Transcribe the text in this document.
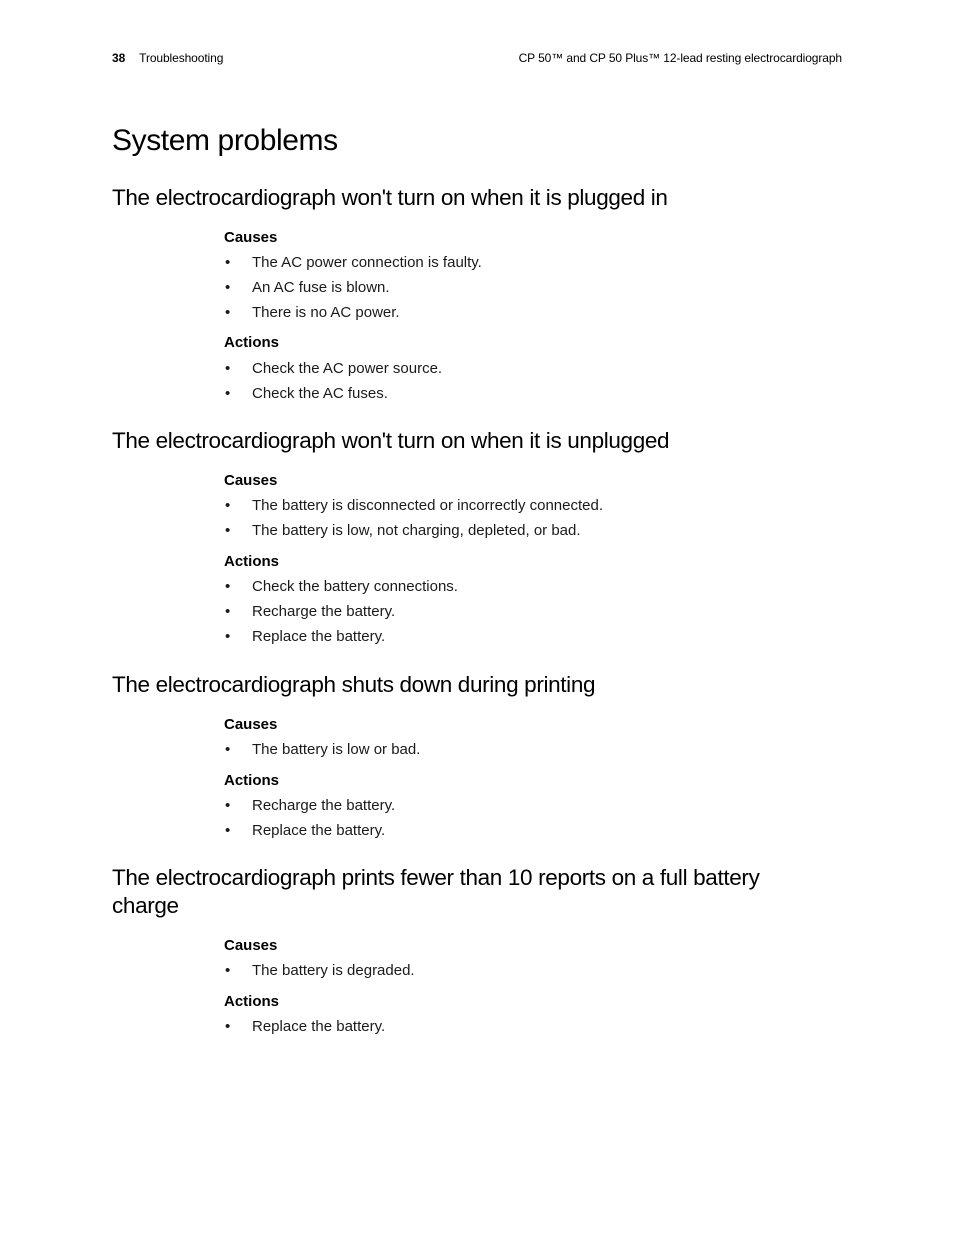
38 Troubleshooting	CP 50™ and CP 50 Plus™ 12-lead resting electrocardiograph
System problems
The electrocardiograph won't turn on when it is plugged in
Causes
•	The AC power connection is faulty.
•	An AC fuse is blown.
•	There is no AC power.
Actions
•	Check the AC power source.
•	Check the AC fuses.
The electrocardiograph won't turn on when it is unplugged
Causes
•	The battery is disconnected or incorrectly connected.
•	The battery is low, not charging, depleted, or bad.
Actions
•	Check the battery connections.
•	Recharge the battery.
•	Replace the battery.
The electrocardiograph shuts down during printing
Causes
•	The battery is low or bad.
Actions
•	Recharge the battery.
•	Replace the battery.
The electrocardiograph prints fewer than 10 reports on a full battery charge
Causes
•	The battery is degraded.
Actions
•	Replace the battery.
